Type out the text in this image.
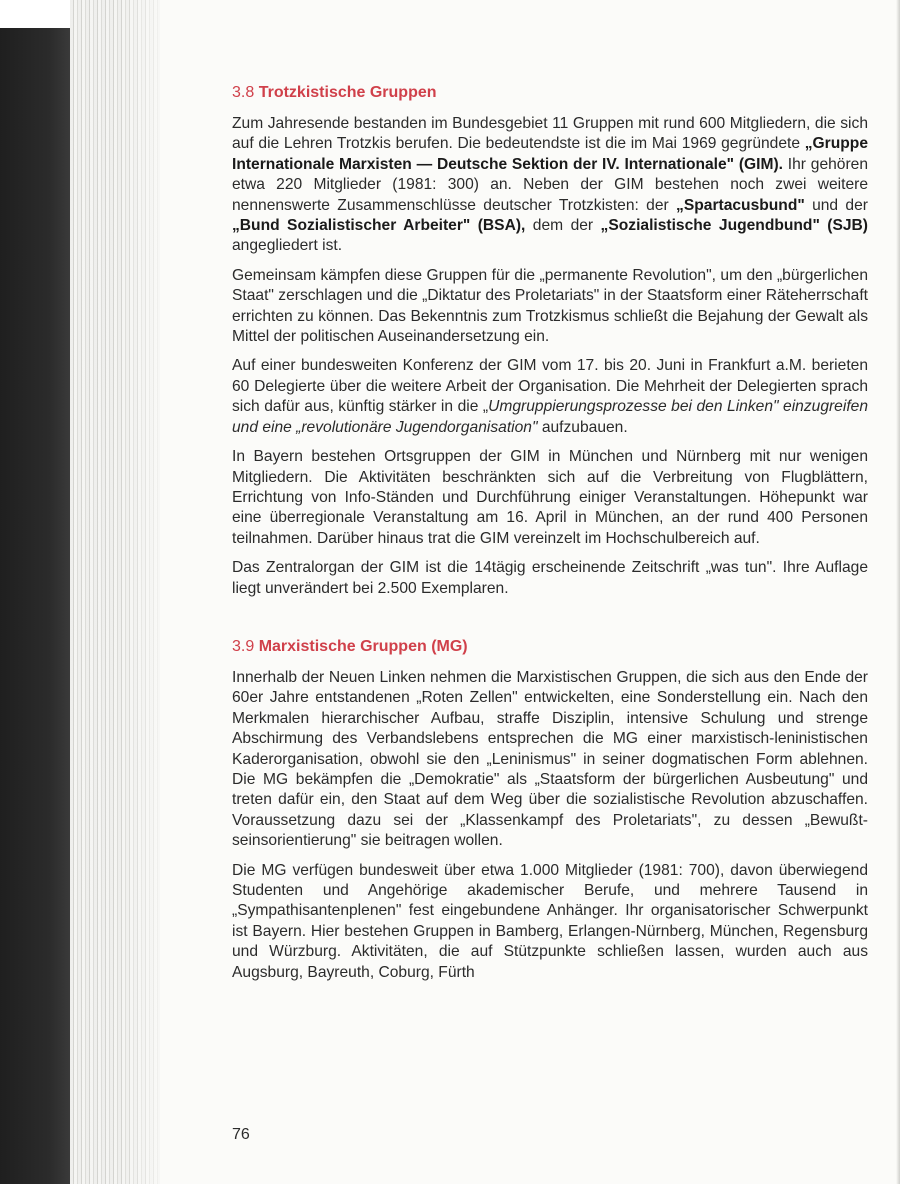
3.8 Trotzkistische Gruppen

Zum Jahresende bestanden im Bundesgebiet 11 Gruppen mit rund 600 Mitgliedern, die sich auf die Lehren Trotzkis berufen. Die bedeutendste ist die im Mai 1969 gegründete „Gruppe Internationale Marxisten — Deutsche Sektion der IV. Internationale" (GIM). Ihr gehören etwa 220 Mitglieder (1981: 300) an. Neben der GIM bestehen noch zwei weitere nennenswerte Zusammenschlüsse deutscher Trotzkisten: der „Spartacusbund" und der „Bund Sozialistischer Arbeiter" (BSA), dem der „Sozialistische Jugendbund" (SJB) angegliedert ist.

Gemeinsam kämpfen diese Gruppen für die „permanente Revolution", um den „bürgerlichen Staat" zerschlagen und die „Diktatur des Proletariats" in der Staatsform einer Räteherrschaft errichten zu können. Das Bekenntnis zum Trotzkismus schließt die Bejahung der Gewalt als Mittel der politischen Auseinandersetzung ein.

Auf einer bundesweiten Konferenz der GIM vom 17. bis 20. Juni in Frankfurt a.M. berieten 60 Delegierte über die weitere Arbeit der Organisation. Die Mehrheit der Delegierten sprach sich dafür aus, künftig stärker in die „Umgruppierungsprozesse bei den Linken" einzugreifen und eine „revolutionäre Jugendorganisation" aufzubauen.

In Bayern bestehen Ortsgruppen der GIM in München und Nürnberg mit nur wenigen Mitgliedern. Die Aktivitäten beschränkten sich auf die Verbreitung von Flugblättern, Errichtung von Info-Ständen und Durchführung einiger Veranstaltungen. Höhepunkt war eine überregionale Veranstaltung am 16. April in München, an der rund 400 Personen teilnahmen. Darüber hinaus trat die GIM vereinzelt im Hochschulbereich auf.

Das Zentralorgan der GIM ist die 14tägig erscheinende Zeitschrift „was tun". Ihre Auflage liegt unverändert bei 2.500 Exemplaren.

3.9 Marxistische Gruppen (MG)

Innerhalb der Neuen Linken nehmen die Marxistischen Gruppen, die sich aus den Ende der 60er Jahre entstandenen „Roten Zellen" entwickelten, eine Sonderstellung ein. Nach den Merkmalen hierarchischer Aufbau, straffe Disziplin, intensive Schulung und strenge Abschirmung des Verbandslebens entsprechen die MG einer marxistisch-leninistischen Kaderorganisation, obwohl sie den „Leninismus" in seiner dogmatischen Form ablehnen. Die MG bekämpfen die „Demokratie" als „Staatsform der bürgerlichen Ausbeutung" und treten dafür ein, den Staat auf dem Weg über die sozialistische Revolution abzuschaffen. Voraussetzung dazu sei der „Klassenkampf des Proletariats", zu dessen „Bewußtseinsorientierung" sie beitragen wollen.

Die MG verfügen bundesweit über etwa 1.000 Mitglieder (1981: 700), davon überwiegend Studenten und Angehörige akademischer Berufe, und mehrere Tausend in „Sympathisantenplenen" fest eingebundene Anhänger. Ihr organisatorischer Schwerpunkt ist Bayern. Hier bestehen Gruppen in Bamberg, Erlangen-Nürnberg, München, Regensburg und Würzburg. Aktivitäten, die auf Stützpunkte schließen lassen, wurden auch aus Augsburg, Bayreuth, Coburg, Fürth

76
